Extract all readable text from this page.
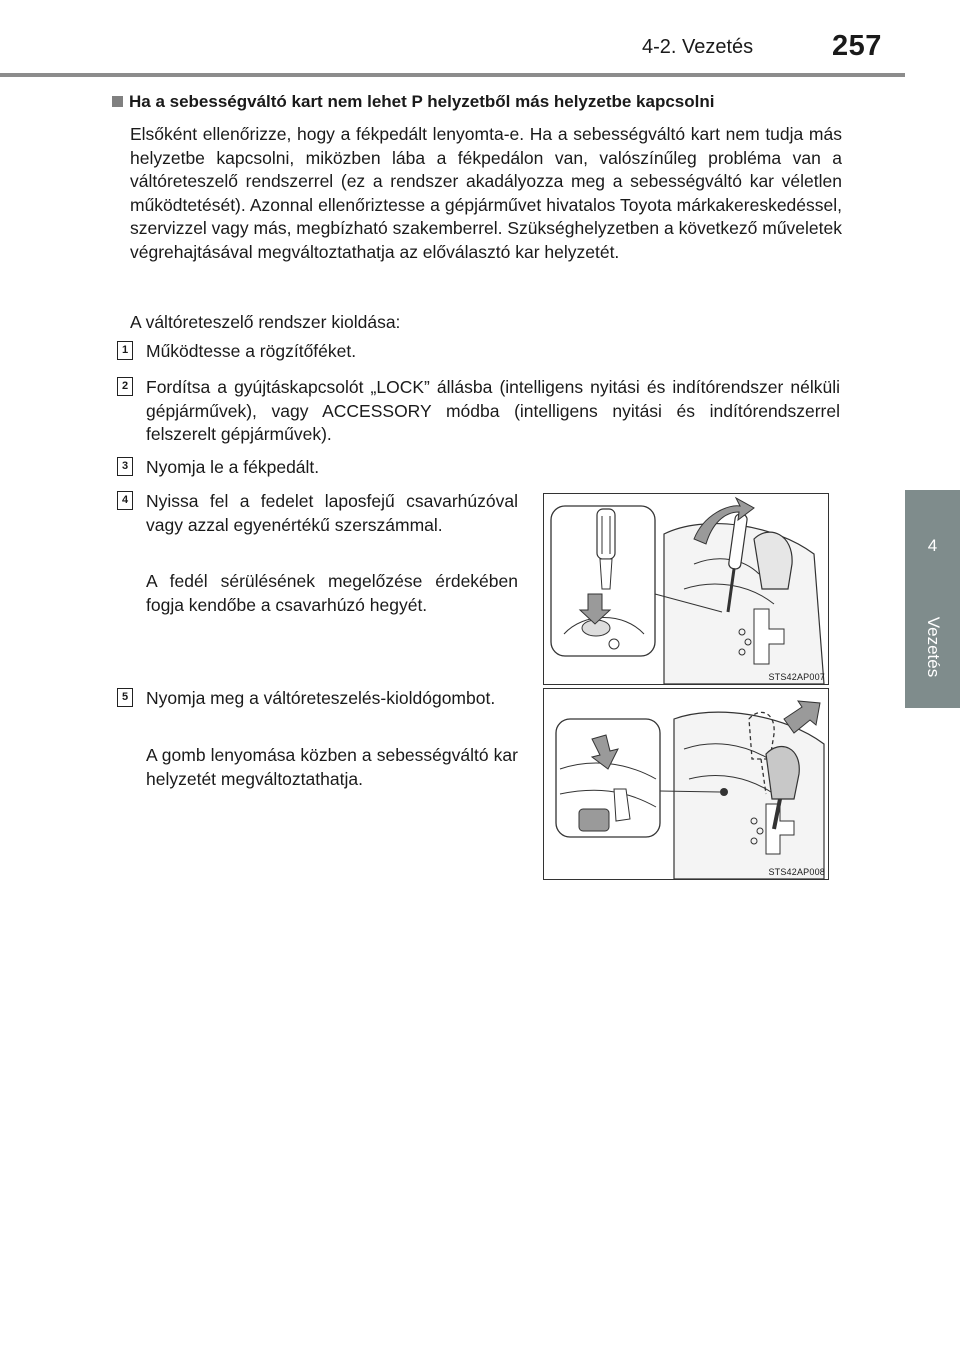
4-2. Vezetés	257
4
Vezetés
Ha a sebességváltó kart nem lehet P helyzetből más helyzetbe kapcsolni
Elsőként ellenőrizze, hogy a fékpedált lenyomta-e. Ha a sebességváltó kart nem tudja más helyzetbe kapcsolni, miközben lába a fékpedálon van, valószínűleg probléma van a váltóreteszelő rendszerrel (ez a rendszer akadályozza meg a sebességváltó kar véletlen működtetését). Azonnal ellenőriztesse a gépjárművet hivatalos Toyota márkakereskedéssel, szervizzel vagy más, megbízható szakemberrel. Szükséghelyzetben a következő műveletek végrehajtásával megváltoztathatja az előválasztó kar helyzetét.
A váltóreteszelő rendszer kioldása:
1 Működtesse a rögzítőféket.
2 Fordítsa a gyújtáskapcsolót „LOCK” állásba (intelligens nyitási és indítórendszer nélküli gépjárművek), vagy ACCESSORY módba (intelligens nyitási és indítórendszerrel felszerelt gépjárművek).
3 Nyomja le a fékpedált.
4 Nyissa fel a fedelet laposfejű csavarhúzóval vagy azzal egyenértékű szerszámmal.
A fedél sérülésének megelőzése érdekében fogja kendőbe a csavarhúzó hegyét.
5 Nyomja meg a váltóreteszelés-kioldógombot.
A gomb lenyomása közben a sebességváltó kar helyzetét megváltoztathatja.
STS42AP007
STS42AP008
